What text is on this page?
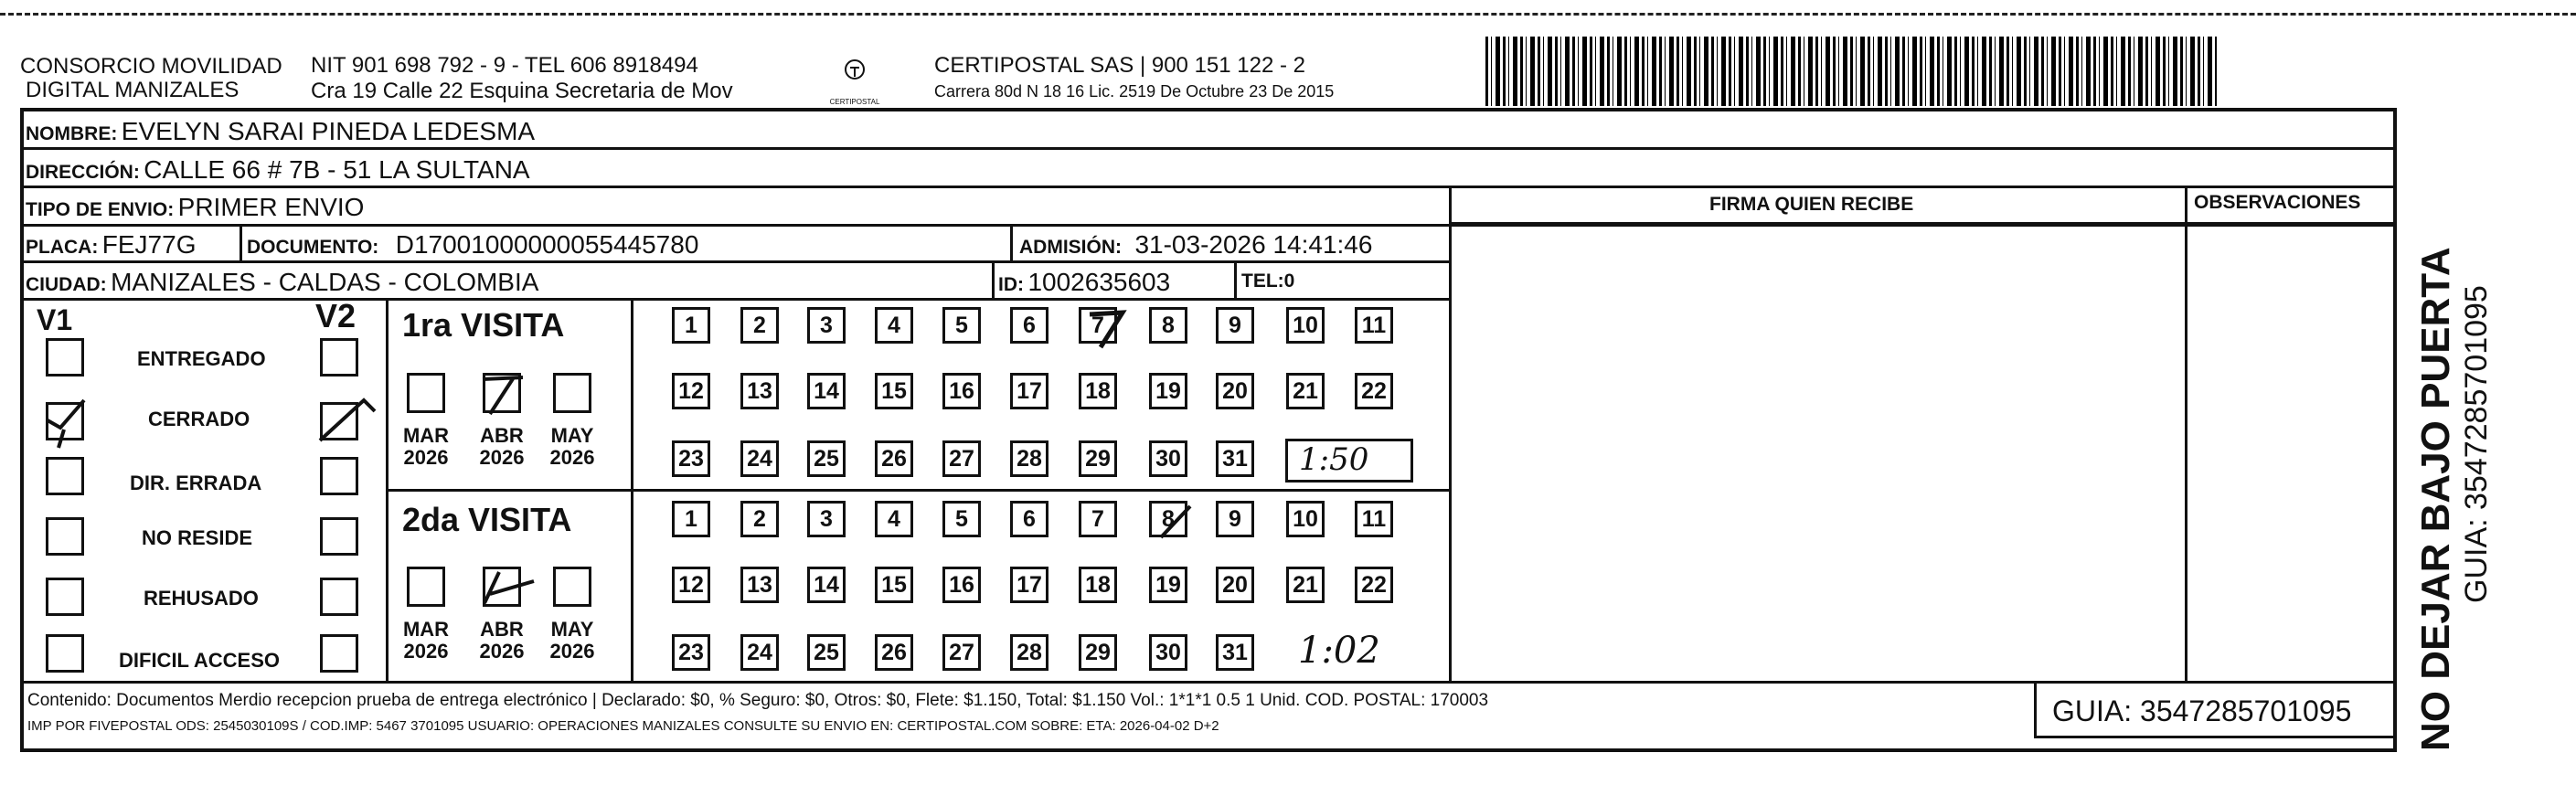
CONSORCIO MOVILIDAD
DIGITAL MANIZALES
NIT 901 698 792 - 9 - TEL 606 8918494
Cra 19 Calle 22 Esquina Secretaria de Mov	CERTIPOSTAL
CERTIPOSTAL SAS | 900 151 122 - 2
Carrera 80d N 18 16 Lic. 2519 De Octubre 23 De 2015
NOMBRE: EVELYN SARAI PINEDA LEDESMA
DIRECCIÓN: CALLE 66 # 7B - 51 LA SULTANA
TIPO DE ENVIO: PRIMER ENVIO
PLACA: FEJ77G	DOCUMENTO: D17001000000055445780	ADMISIÓN: 31-03-2026 14:41:46
CIUDAD: MANIZALES - CALDAS - COLOMBIA	ID: 1002635603	TEL:0
FIRMA QUIEN RECIBE	OBSERVACIONES
V1	V2
ENTREGADO
CERRADO
DIR. ERRADA
NO RESIDE
REHUSADO
DIFICIL ACCESO
1ra VISITA
MAR
2026
ABR
2026
MAY
2026
2da VISITA
MAR
2026
ABR
2026
MAY
2026
1	2	3	4	5	6	7	8	9	10	11
12 13 14 15 16 17 18 19 20 21 22
23 24 25 26 27 28 29 30 31
1	2	3	4	5	6	7	8	9	10	11
12 13 14 15 16 17 18 19 20 21 22
23 24 25 26 27 28 29 30 31
1:50
1:02	NO DEJAR BAJO PUERTA GUIA: 3547285701095
Contenido: Documentos Merdio recepcion prueba de entrega electrónico | Declarado: $0, % Seguro: $0, Otros: $0, Flete: $1.150, Total: $1.150 Vol.: 1*1*1 0.5 1 Unid. COD. POSTAL: 170003
IMP POR FIVEPOSTAL ODS: 2545030109S / COD.IMP: 5467 3701095 USUARIO: OPERACIONES MANIZALES CONSULTE SU ENVIO EN: CERTIPOSTAL.COM SOBRE: ETA: 2026-04-02 D+2	GUIA: 3547285701095
